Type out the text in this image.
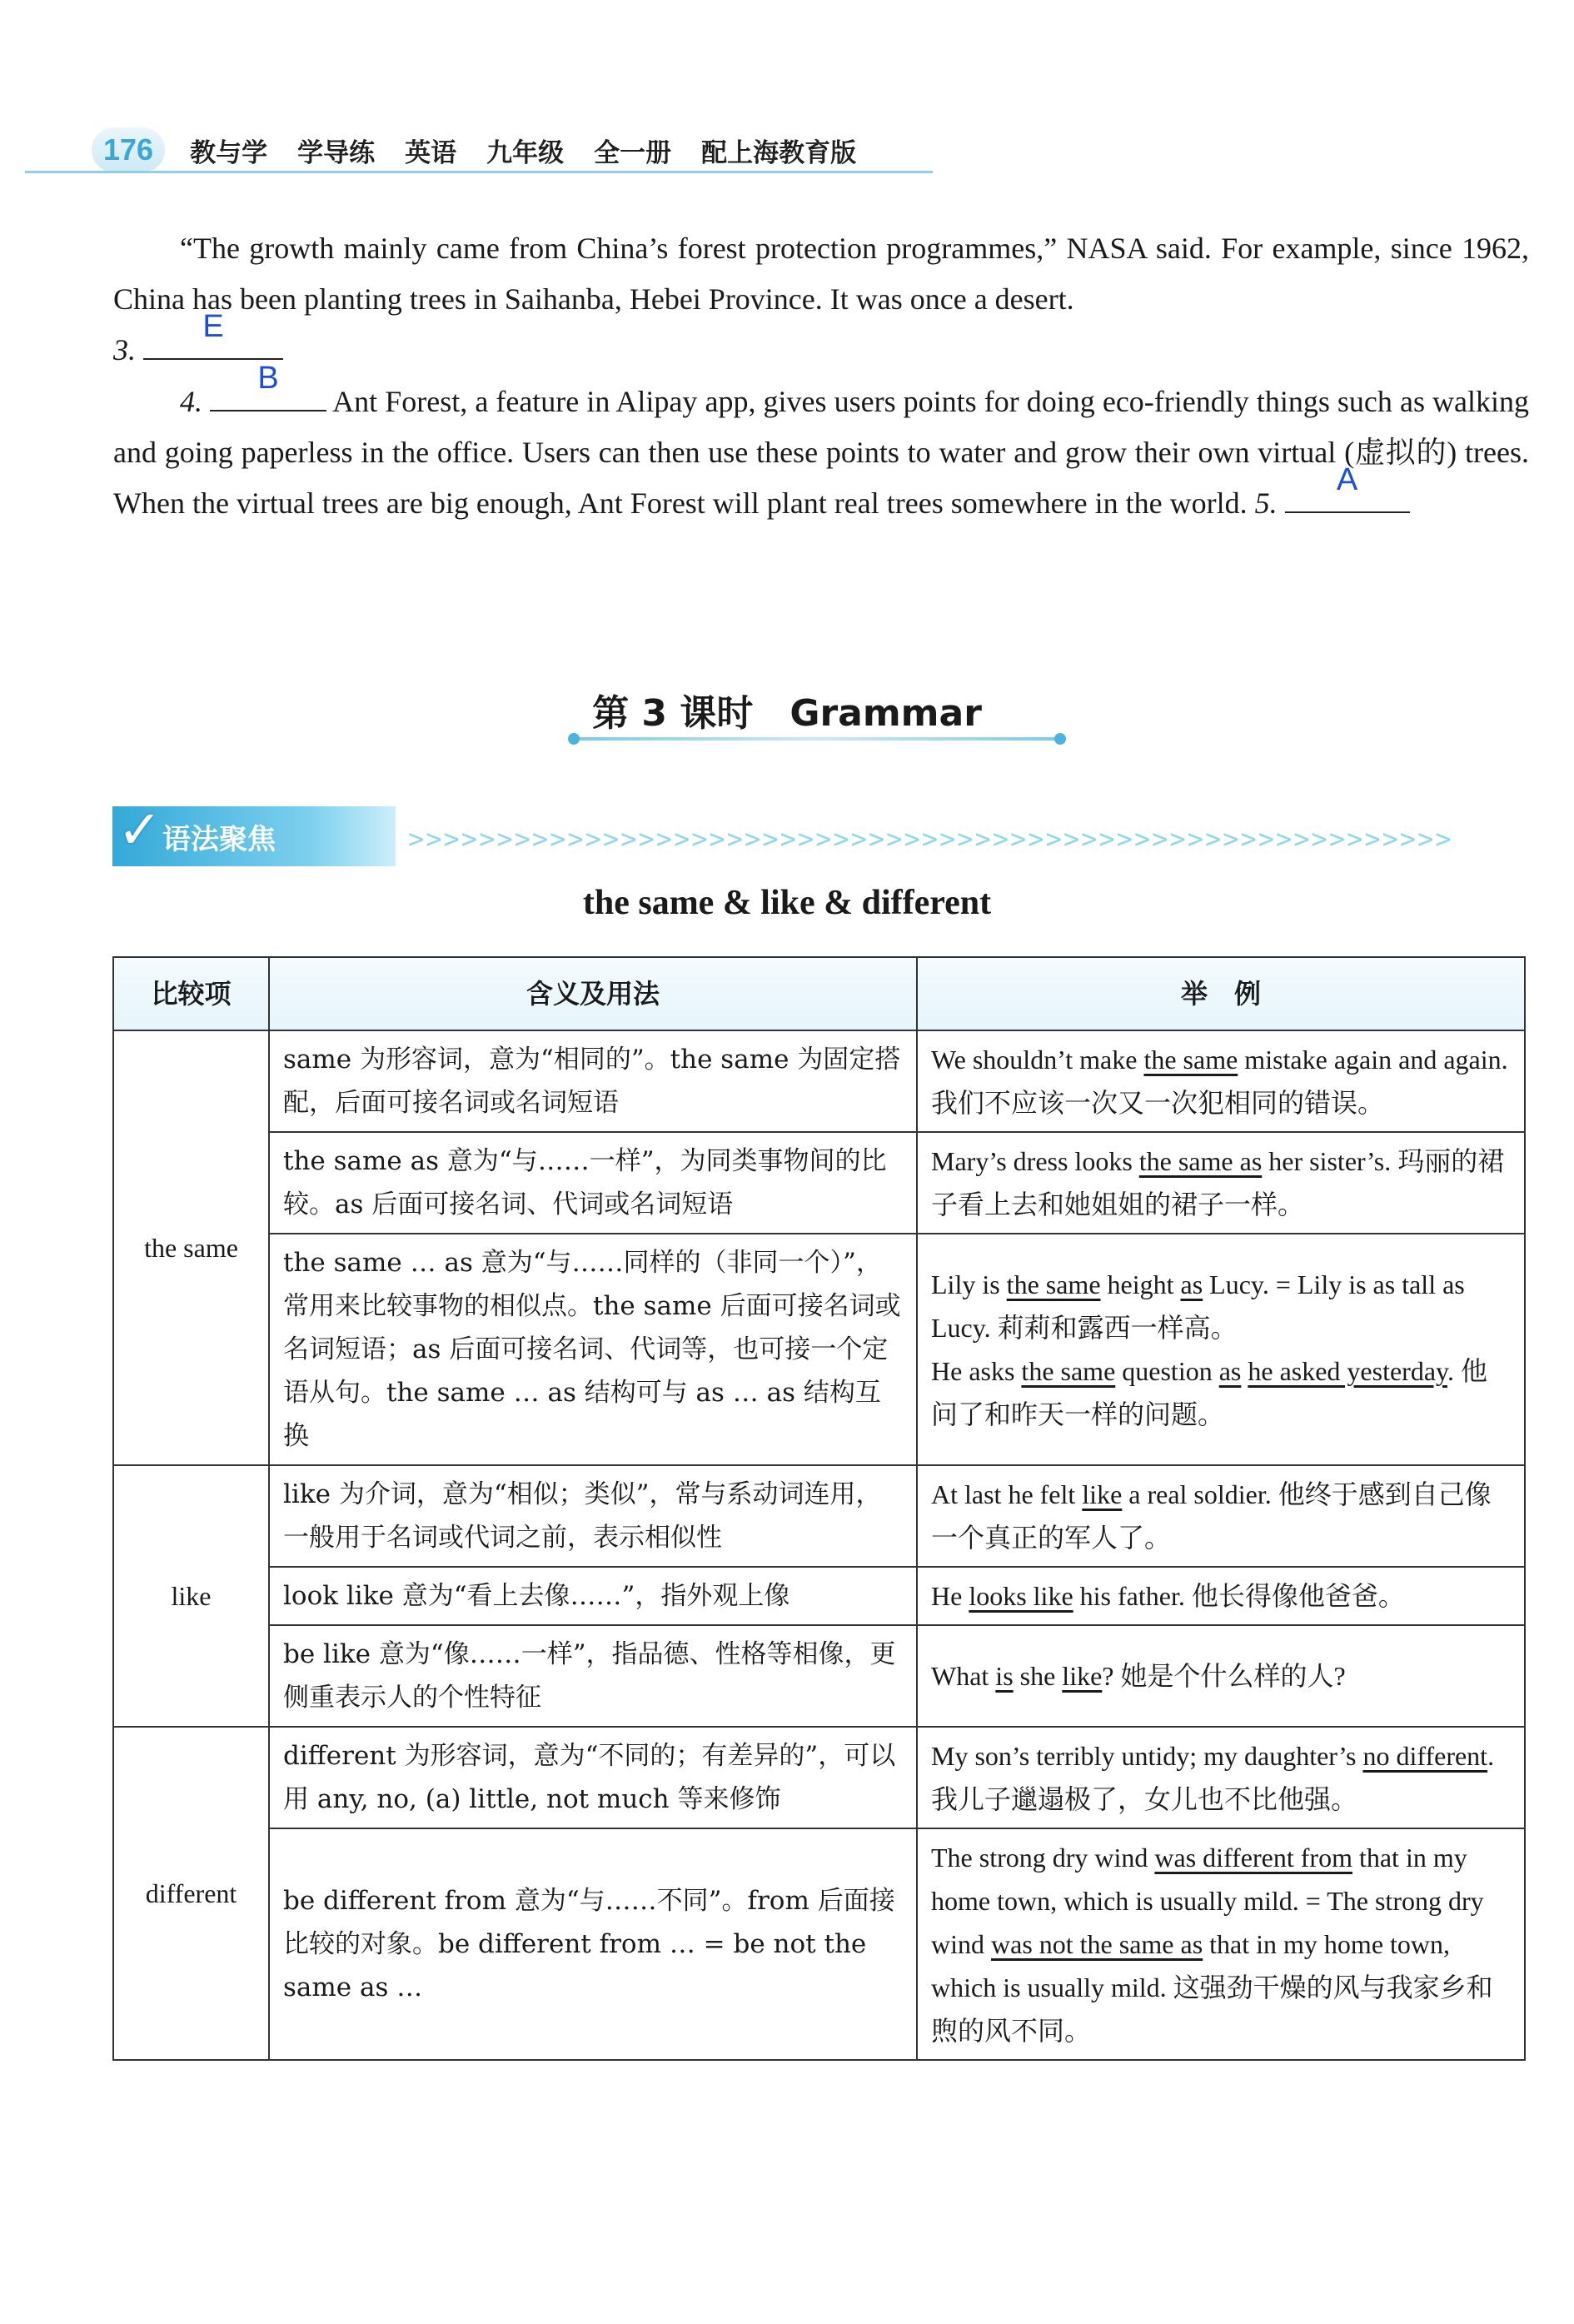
176	教与学 学导练 英语 九年级 全一册 配上海教育版
“The growth mainly came from China’s forest protection programmes,” NASA said. For example, since 1962, China has been planting trees in Saihanba, Hebei Province. It was once a desert.
3.
E
4.
B
Ant Forest, a feature in Alipay app, gives users points for doing eco-friendly things such as walking and going paperless in the office. Users can then use these points to water and grow their own virtual (虚拟的) trees. When the virtual trees are big enough, Ant Forest will plant real trees somewhere in the world. 5.
A
第 3 课时　Grammar
✓ 语法聚焦	>>>>>>>>>>>>>>>>>>>>>>>>>>>>>>>>>>>>>>>>>>>>>>>>>>>>>>>>>>>
the same & like & different
比较项	含义及用法	举　例
the same	same 为形容词，意为“相同的”。the same 为固定搭配，后面可接名词或名词短语	We shouldn’t make the same mistake again and again. 我们不应该一次又一次犯相同的错误。
	the same as 意为“与……一样”，为同类事物间的比较。as 后面可接名词、代词或名词短语	Mary’s dress looks the same as her sister’s. 玛丽的裙子看上去和她姐姐的裙子一样。
	the same … as 意为“与……同样的（非同一个）”，常用来比较事物的相似点。the same 后面可接名词或名词短语；as 后面可接名词、代词等，也可接一个定语从句。the same … as 结构可与 as … as 结构互换	Lily is the same height as Lucy. = Lily is as tall as Lucy. 莉莉和露西一样高。
He asks the same question as he asked yesterday. 他问了和昨天一样的问题。
like	like 为介词，意为“相似；类似”，常与系动词连用，一般用于名词或代词之前，表示相似性	At last he felt like a real soldier. 他终于感到自己像一个真正的军人了。
	look like 意为“看上去像……”，指外观上像	He looks like his father. 他长得像他爸爸。
	be like 意为“像……一样”，指品德、性格等相像，更侧重表示人的个性特征	What is she like? 她是个什么样的人?
different	different 为形容词，意为“不同的；有差异的”，可以用 any, no, (a) little, not much 等来修饰	My son’s terribly untidy; my daughter’s no different. 我儿子邋遢极了，女儿也不比他强。
	be different from 意为“与……不同”。from 后面接比较的对象。be different from … = be not the same as …	The strong dry wind was different from that in my home town, which is usually mild. = The strong dry wind was not the same as that in my home town, which is usually mild. 这强劲干燥的风与我家乡和煦的风不同。
